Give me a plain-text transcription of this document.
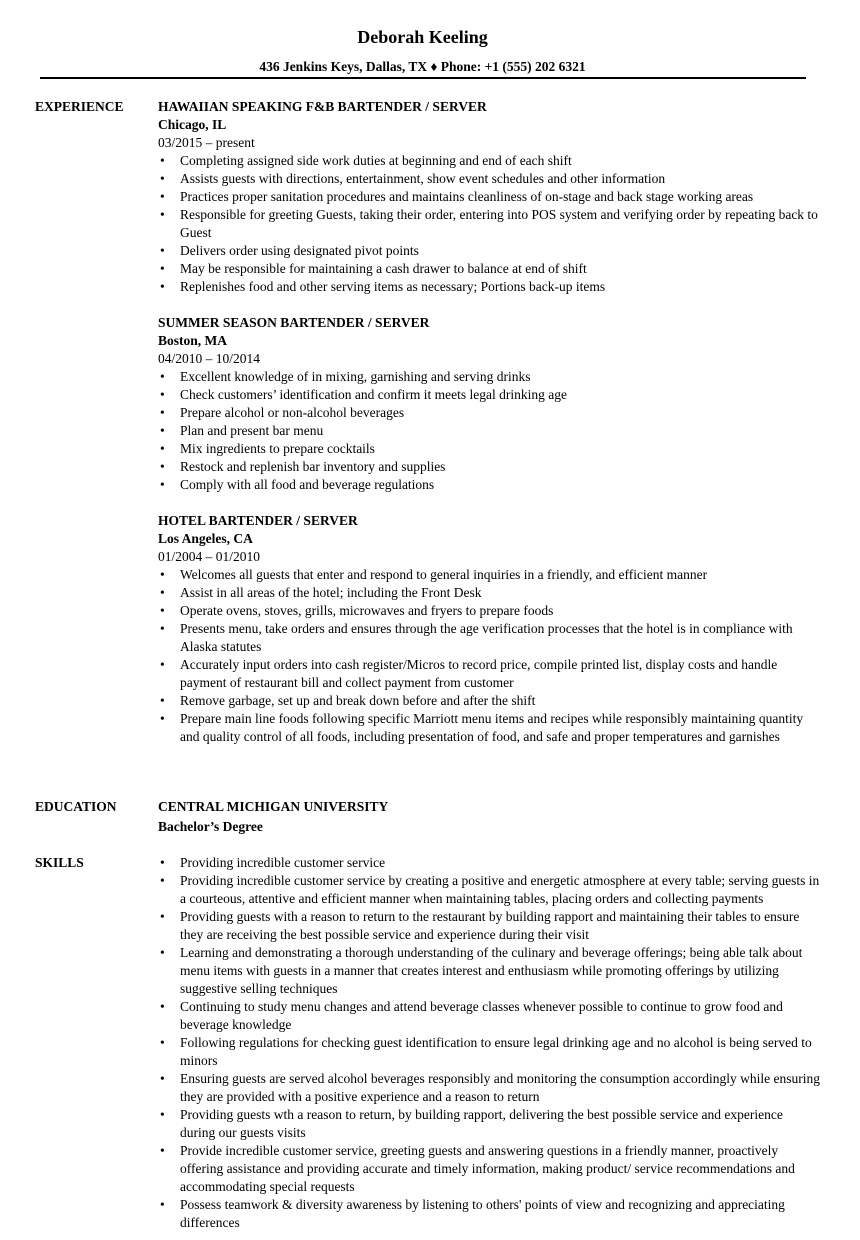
Deborah Keeling
436 Jenkins Keys, Dallas, TX ♦ Phone: +1 (555) 202 6321
EXPERIENCE	HAWAIIAN SPEAKING F&B BARTENDER / SERVER
Chicago, IL
03/2015 – present
• Completing assigned side work duties at beginning and end of each shift
• Assists guests with directions, entertainment, show event schedules and other information
• Practices proper sanitation procedures and maintains cleanliness of on-stage and back stage working areas
• Responsible for greeting Guests, taking their order, entering into POS system and verifying order by repeating back to Guest
• Delivers order using designated pivot points
• May be responsible for maintaining a cash drawer to balance at end of shift
• Replenishes food and other serving items as necessary; Portions back-up items
SUMMER SEASON BARTENDER / SERVER
Boston, MA
04/2010 – 10/2014
• Excellent knowledge of in mixing, garnishing and serving drinks
• Check customers’ identification and confirm it meets legal drinking age
• Prepare alcohol or non-alcohol beverages
• Plan and present bar menu
• Mix ingredients to prepare cocktails
• Restock and replenish bar inventory and supplies
• Comply with all food and beverage regulations
HOTEL BARTENDER / SERVER
Los Angeles, CA
01/2004 – 01/2010
• Welcomes all guests that enter and respond to general inquiries in a friendly, and efficient manner
• Assist in all areas of the hotel; including the Front Desk
• Operate ovens, stoves, grills, microwaves and fryers to prepare foods
• Presents menu, take orders and ensures through the age verification processes that the hotel is in compliance with Alaska statutes
• Accurately input orders into cash register/Micros to record price, compile printed list, display costs and handle payment of restaurant bill and collect payment from customer
• Remove garbage, set up and break down before and after the shift
• Prepare main line foods following specific Marriott menu items and recipes while responsibly maintaining quantity and quality control of all foods, including presentation of food, and safe and proper temperatures and garnishes
EDUCATION	CENTRAL MICHIGAN UNIVERSITY
Bachelor’s Degree
SKILLS
•	Providing incredible customer service
• Providing incredible customer service by creating a positive and energetic atmosphere at every table; serving guests in a courteous, attentive and efficient manner when maintaining tables, placing orders and collecting payments
• Providing guests with a reason to return to the restaurant by building rapport and maintaining their tables to ensure they are receiving the best possible service and experience during their visit
• Learning and demonstrating a thorough understanding of the culinary and beverage offerings; being able talk about menu items with guests in a manner that creates interest and enthusiasm while promoting offerings by utilizing suggestive selling techniques
• Continuing to study menu changes and attend beverage classes whenever possible to continue to grow food and beverage knowledge
• Following regulations for checking guest identification to ensure legal drinking age and no alcohol is being served to minors
• Ensuring guests are served alcohol beverages responsibly and monitoring the consumption accordingly while ensuring they are provided with a positive experience and a reason to return
• Providing guests wth a reason to return, by building rapport, delivering the best possible service and experience during our guests visits
• Provide incredible customer service, greeting guests and answering questions in a friendly manner, proactively offering assistance and providing accurate and timely information, making product/ service recommendations and accommodating special requests
• Possess teamwork & diversity awareness by listening to others' points of view and recognizing and appreciating differences
